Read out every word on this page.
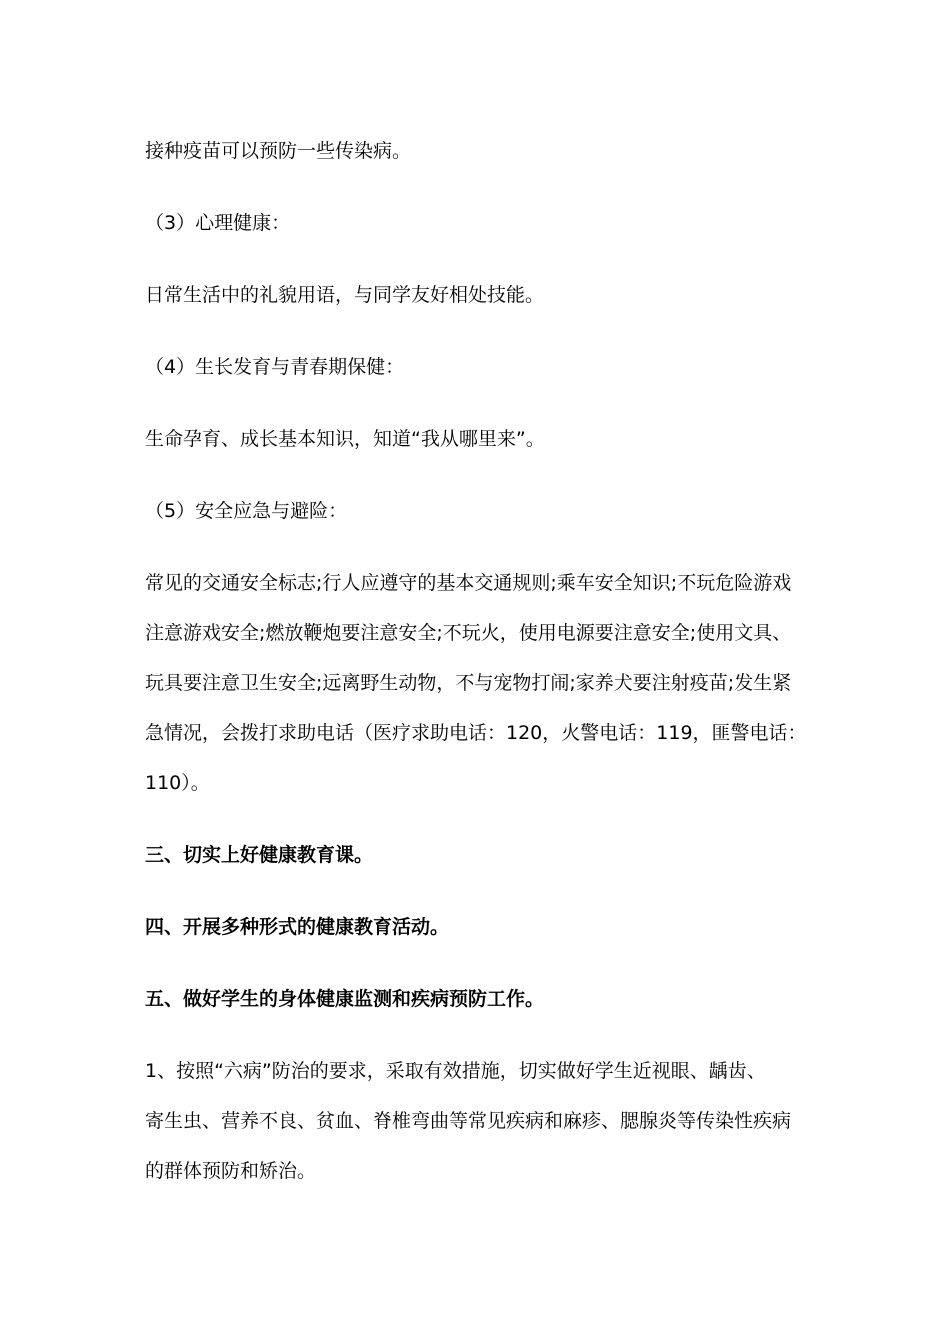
接种疫苗可以预防一些传染病。

（3）心理健康：

日常生活中的礼貌用语，与同学友好相处技能。

（4）生长发育与青春期保健：

生命孕育、成长基本知识，知道“我从哪里来”。

（5）安全应急与避险：

常见的交通安全标志;行人应遵守的基本交通规则;乘车安全知识;不玩危险游戏
注意游戏安全;燃放鞭炮要注意安全;不玩火，使用电源要注意安全;使用文具、
玩具要注意卫生安全;远离野生动物，不与宠物打闹;家养犬要注射疫苗;发生紧
急情况，会拨打求助电话（医疗求助电话：120，火警电话：119，匪警电话：
110）。

三、切实上好健康教育课。

四、开展多种形式的健康教育活动。

五、做好学生的身体健康监测和疾病预防工作。

1、按照“六病”防治的要求，采取有效措施，切实做好学生近视眼、龋齿、
寄生虫、营养不良、贫血、脊椎弯曲等常见疾病和麻疹、腮腺炎等传染性疾病
的群体预防和矫治。
